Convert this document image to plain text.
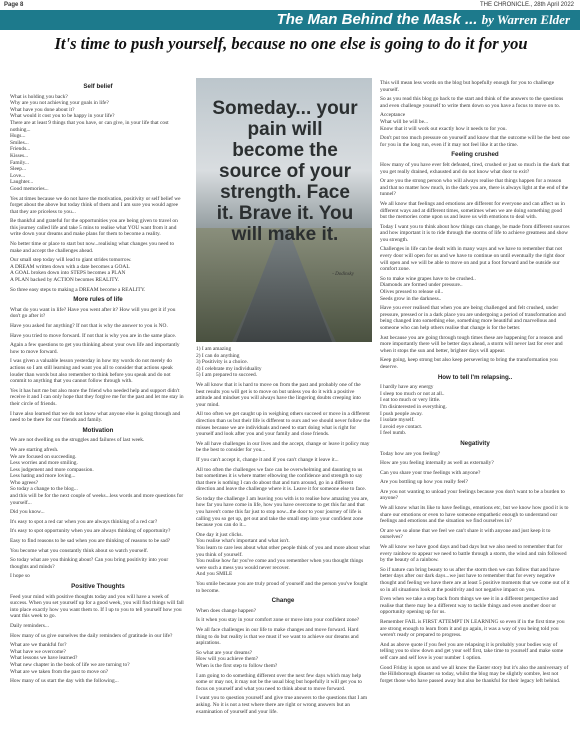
Page 8	THE CHRONICLE., 28th April 2022
The Man Behind the Mask ... by Warren Elder
It's time to push yourself, because no one else is going to do it for you
Self belief

What is holding you back?

Why are you not achieving your goals in life?

What have you done about it?

What would it cost you to be happy in your life?

There are at least 9 things that you have, or can give, in your life that cost nothing...

Hugs...

Smiles...

Friends...

Kisses...

Family...

Sleep...

Love...

Laughter...

Good memories...

Yes at times because we do not have the motivation, positivity or self belief we forget about the above but today think of them and I am sure you would agree that they are priceless to you...

Be thankful and grateful for the opportunities you are being given to travel on this journey called life and take 5 mins to realise what YOU want from it and write down your dreams and make plans for them to become a reality.

No better time or place to start but now...realising what changes you need to make and accept the challenges ahead.

Our small step today will lead to giant strides tomorrow.

A DREAM written down with a date becomes a GOAL

A GOAL broken down into STEPS becomes a PLAN

A PLAN backed by ACTION becomes REALITY.

So three easy steps to making a DREAM become a REALITY.

More rules of life

What do you want in life? Have you went after it? How will you get it if you don't go after it?

Have you asked for anything? If not that is why the answer to you is NO.

Have you tried to move forward. If not that is why you are in the same place.

Again a few questions to get you thinking about your own life and importantly how to move forward.

I was given a valuable lesson yesterday in how my words do not merely do actions so I am still learning and want you all to consider that actions speak louder than words but also remember to think before you speak and do not commit to anything that you cannot follow through with.

Yes it has hurt me but also more the friend who needed help and support didn't receive it and I can only hope that they forgive me for the past and let me stay in their circle of friends.

I have also learned that we do not know what anyone else is going through and need to be there for our friends and family.

Motivation

We are not dwelling on the struggles and failures of last week.

We are starting afresh.

We are focused on succeeding.

Less worries and more smiling.

Less judgement and more compassion.

Less hating and more loving...

Who agrees?

So today a change to the blog...

and this will be for the next couple of weeks...less words and more questions for yourself...

Did you know...

It's easy to spot a red car when you are always thinking of a red car?

It's easy to spot opportunity when you are always thinking of opportunity?

Easy to find reasons to be sad when you are thinking of reasons to be sad?

You become what you constantly think about so watch yourself.

So today what are you thinking about? Can you bring positivity into your thoughts and minds?

I hope so

Positive Thoughts

Feed your mind with positive thoughts today and you will have a week of success. When you set yourself up for a good week, you will find things will fall into place exactly how you want them to. If I up to you to tell yourself how you want this week to go.

Daily reminders...

How many of us give ourselves the daily reminders of gratitude in our life?

What are we thankful for?

What have we overcome?

What lessons we have learned?

What new chapter in the book of life we are turning to?

What are we taken from the past to move on?

How many of us start the day with the following...

Someday... your pain will become the source of your strength. Face it. Brave it. You will make it.
- Dodinsky

1) I am amazing

2) I can do anything

3) Positivity is a choice.

4) I celebrate my individuality

5) I am prepared to succeed.

We all know that it is hard to move on from the past and probably one of the best results you will get is to move on but unless you do it with a positive attitude and mindset you will always have the lingering doubts creeping into your mind.

All too often we get caught up in weighing others succeed or move in a different direction than us but their life is different to ours and we should never follow the misses because we are individuals and need to start doing what is right for yourself and look after you and your family and close friends.

We all have challenges in our lives and the accept, change or leave it policy may be the best to consider for you...

If you can't accept it, change it and if you can't change it leave it...

All too often the challenges we face can be overwhelming and daunting to us but sometimes it is where matter elbowing the confidence and strength to say that there is nothing I can do about that and turn around, go in a different direction and leave the challenge where it is. Leave it for someone else to face.

So today the challenge I am leaving you with is to realise how amazing you are, how far you have come in life, how you have overcome to get this far and that you haven't come this far just to stop now...the door to your journey of life is calling you so get up, get out and take the small step into your confident zone because you can do it...

One day it just clicks.

You realise what's important and what isn't.

You learn to care less about what other people think of you and more about what you think of yourself.

You realise how far you've come and you remember when you thought things were such a mess you would never recover.

And you SMILE

You smile because you are truly proud of yourself and the person you've fought to become.

Change

When does change happen?

Is it when you stay in your comfort zone or move into your confident zone?

We all face challenges in our life to make changes and move forward. Hard thing to do but reality is that we must if we want to achieve our dreams and aspirations.

So what are your dreams?

How will you achieve them?

When is the first step to follow them?

I am going to do something different over the next few days which may help some or may not, it may not be the usual blog but hopefully it will get you to focus on yourself and what you need to think about to move forward.

I want you to question yourself and give true answers to the questions that I am asking. No it is not a test where there are right or wrong answers but an examination of yourself and your life.

This will mean less words on the blog but hopefully enough for you to challenge yourself.

So as you read this blog go back to the start and think of the answers to the questions and even challenge yourself to write them down so you have a focus to move on to.

Acceptance

What will be will be...

Know that it will work out exactly how it needs to for you.

Don't put too much pressure on yourself and know that the outcome will be the best one for you in the long run, even if it may not feel like it at the time.

Feeling crushed

How many of you have ever felt defeated, tired, crushed or just so much in the dark that you get really drained, exhausted and do not know what door to exit?

Or are you the strong person who will always realise that things happen for a reason and that no matter how much, in the dark you are, there is always light at the end of the tunnel?

We all know that feelings and emotions are different for everyone and can affect us in different ways and at different times, sometimes when we are doing something good but the memories come upon us and leave us with emotions to deal with.

Today I want you to think about how things can change, be made from different sources and how important it is to ride through the storms of life to achieve greatness and show you strength.

Challenges in life can be dealt with in many ways and we have to remember that not every door will open for us and we have to continue on until eventually the right door will open and we will be able to move on and put a foot forward and be outside our comfort zone.

So to make wine grapes have to be crushed..

Diamonds are formed under pressure..

Olives pressed to release oil..

Seeds grow in the darkness..

Have you ever realised that when you are being challenged and felt crushed, under pressure, pressed or in a dark place you are undergoing a period of transformation and being changed into something else, something more beautiful and marvellous and someone who can help others realise that change is for the better.

Just because you are going through tough times these are happening for a reason and more importantly there will be better days ahead, a storm will never last for ever and when it stops the sun and better, brighter days will appear.

Keep going, keep strong but also keep persevering to bring the transformation you deserve.

How to tell I'm relapsing..

I hardly have any energy

I sleep too much or not at all..

I eat too much or very little.

I'm disinterested in everything.

I push people away.

I isolate myself.

I avoid eye contact.

I feel numb.

Negativity

Today how are you feeling?

How are you feeling internally as well as externally?

Can you share your true feelings with anyone?

Are you bottling up how you really feel?

Are you not wanting to unload your feelings because you don't want to be a burden to anyone?

We all know what its like to have feelings, emotions etc, but we know how good it is to share our emotions or even to have someone empathetic enough to understand our feelings and emotions and the situation we find ourselves in?

Or are we so alone that we feel we can't share it with anyone and just keep it to ourselves?

We all know we have good days and bad days but we also need to remember that for every rainbow to appear we need to battle through a storm, the wind and rain followed by the beauty of a rainbow.

So if nature can bring beauty to us after the storm then we can follow that and have better days after our dark days...we just have to remember that for every negative thought and feeling we have there are at least 5 positive moments that we come out of it so in all situations look at the positivity and not negative impact on you.

Even when we take a step back from things we see it in a different perspective and realise that there may be a different way to tackle things and even another door or opportunity opening up for us.

Remember FAIL is FIRST ATTEMPT IN LEARNING so even if in the first time you are strong enough to learn from it and go again, it was a way of you being told you weren't ready or prepared to progress.

And as above quote if you feel you are relapsing it is probably your bodies way of telling you to slow down and get your self first, take time to yourself and make some self care and self love is your number 1 option.

Good Friday is upon us and we all know the Easter story but it's also the anniversary of the Hillsborough disaster so today, whilst the blog may be slightly sombre, lest not forget those who have passed away but also be thankful for their legacy left behind.
